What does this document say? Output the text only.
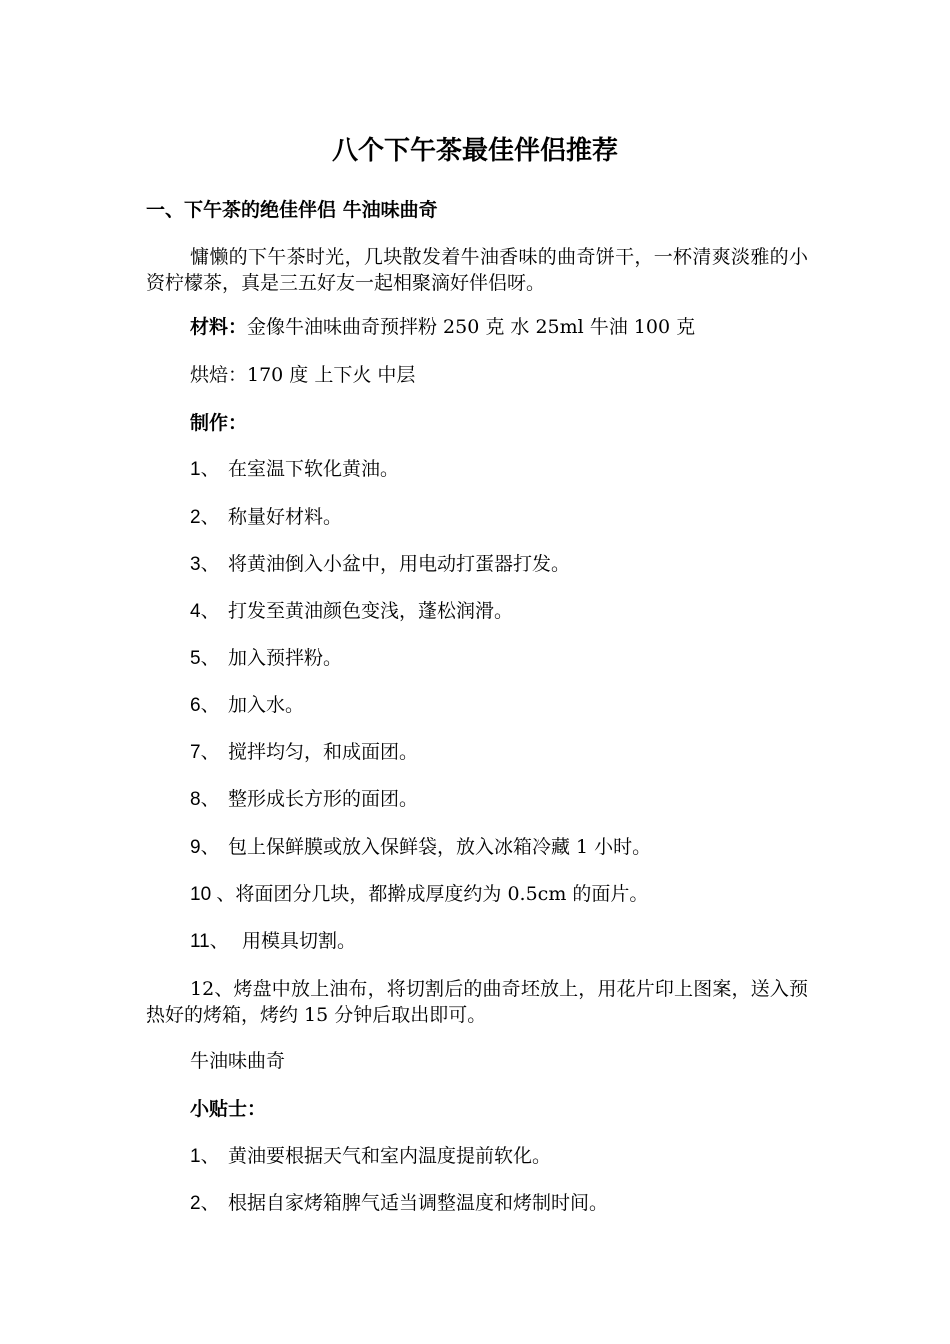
八个下午茶最佳伴侣推荐
一、下午茶的绝佳伴侣 牛油味曲奇

慵懒的下午茶时光，几块散发着牛油香味的曲奇饼干，一杯清爽淡雅的小资柠檬茶，真是三五好友一起相聚滴好伴侣呀。

材料：金像牛油味曲奇预拌粉 250 克 水 25ml 牛油 100 克

烘焙：170 度 上下火 中层

制作：

1、 在室温下软化黄油。

2、 称量好材料。

3、 将黄油倒入小盆中，用电动打蛋器打发。

4、 打发至黄油颜色变浅，蓬松润滑。

5、 加入预拌粉。

6、 加入水。

7、 搅拌均匀，和成面团。

8、 整形成长方形的面团。

9、 包上保鲜膜或放入保鲜袋，放入冰箱冷藏 1 小时。

10 、将面团分几块，都擀成厚度约为 0.5cm 的面片。

11、 用模具切割。

12、烤盘中放上油布，将切割后的曲奇坯放上，用花片印上图案，送入预热好的烤箱，烤约 15 分钟后取出即可。

牛油味曲奇

小贴士：

1、 黄油要根据天气和室内温度提前软化。

2、 根据自家烤箱脾气适当调整温度和烤制时间。
